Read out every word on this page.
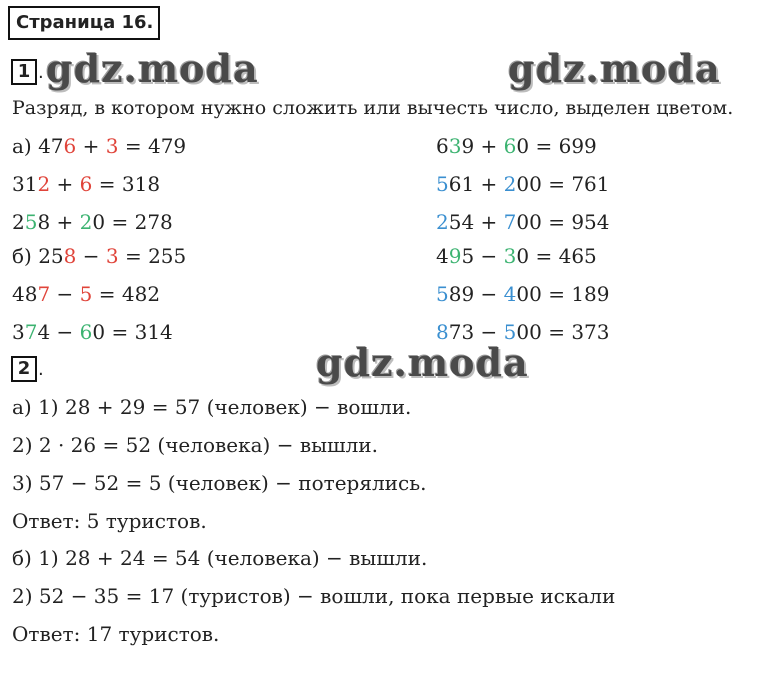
Страница 16.
1 . gdz.moda	gdz.moda
gdz.moda
Разряд, в котором нужно сложить или вычесть число, выделен цветом.
а) 476 + 3 = 479
312 + 6 = 318
258 + 20 = 278
б) 258 − 3 = 255
487 − 5 = 482
374 − 60 = 314
639 + 60 = 699
561 + 200 = 761
254 + 700 = 954
495 − 30 = 465
589 − 400 = 189
873 − 500 = 373
2 .
а) 1) 28 + 29 = 57 (человек) − вошли.
2) 2 · 26 = 52 (человека) − вышли.
3) 57 − 52 = 5 (человек) − потерялись.
Ответ: 5 туристов.
б) 1) 28 + 24 = 54 (человека) − вышли.
2) 52 − 35 = 17 (туристов) − вошли, пока первые искали
Ответ: 17 туристов.
